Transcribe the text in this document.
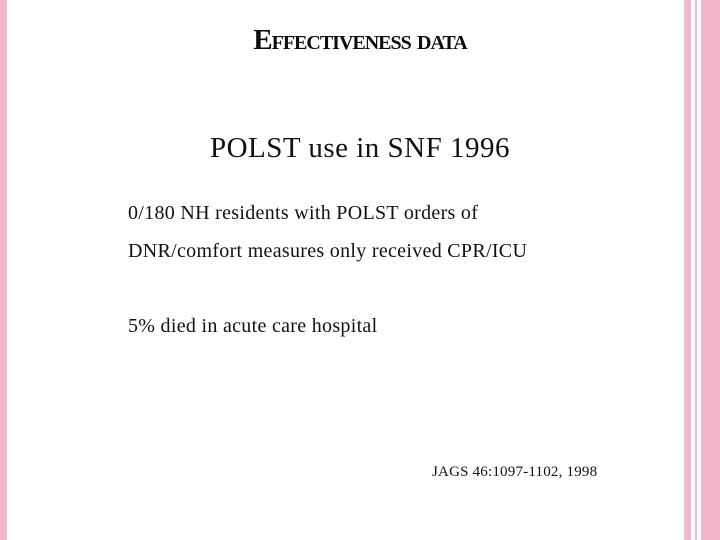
Effectiveness data
POLST use in SNF 1996
0/180 NH residents with POLST orders of
DNR/comfort measures only received CPR/ICU
5% died in acute care hospital
JAGS 46:1097-1102, 1998
